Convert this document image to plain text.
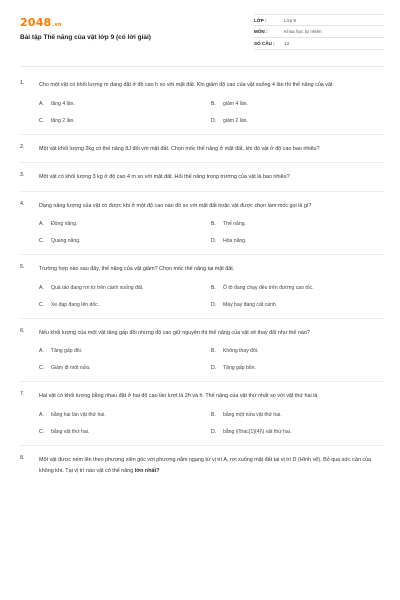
2048.vn
Bài tập Thế năng của vật lớp 9 (có lời giải)
LỚP :	Lớp 9
MÔN :	Khoa học tự nhiên
SỐ CÂU :	13
1.	Cho một vật có khối lượng m đang đặt ở độ cao h so với mặt đất. Khi giảm độ cao của vật xuống 4 lần thì thế năng của vật
A. tăng 4 lần.	B. giảm 4 lần.
C. tăng 2 lần.	D. giảm 2 lần.
2.	Một vật khối lượng 2kg có thế năng 8J đối với mặt đất. Chọn mốc thế năng ở mặt đất, khi đó vật ở độ cao bao nhiêu?
3.	Một vật có khối lượng 3 kg ở độ cao 4 m so với mặt đất. Hỏi thế năng trọng trường của vật là bao nhiêu?
4.	Dạng năng lượng của vật có được khi ở một độ cao nào đó so với mặt đất hoặc vật được chọn làm mốc gọi là gì?
A. Động năng.	B. Thế năng.
C. Quang năng.	D. Hóa năng.
5.	Trường hợp nào sau đây, thế năng của vật giảm? Chọn mốc thế năng tại mặt đất.
A. Quả táo đang rơi từ trên cành xuống đất.	B. Ô tô đang chạy đều trên đường cao tốc.
C. Xe đạp đang lên dốc.	D. Máy bay đang cất cánh.
6.	Nếu khối lượng của một vật tăng gấp đôi nhưng độ cao giữ nguyên thì thế năng của vật sẽ thay đổi như thế nào?
A. Tăng gấp đôi.	B. Không thay đổi.
C. Giảm đi một nửa.	D. Tăng gấp bốn.
7.	Hai vật có khối lượng bằng nhau đặt ở hai độ cao lần lượt là 2h và h. Thế năng của vật thứ nhất so với vật thứ hai là
A. bằng hai lần vật thứ hai.	B. bằng một nửa vật thứ hai.
C. bằng vật thứ hai.	D. bằng \(\frac{1}{4}\) vật thứ hai.
8.	Một vật được ném lên theo phương xiên góc với phương nằm ngang từ vị trí A, rơi xuống mặt đất tại vị trí D (Hình vẽ). Bỏ qua sức cản của không khí. Tại vị trí nào vật có thế năng lớn nhất?
